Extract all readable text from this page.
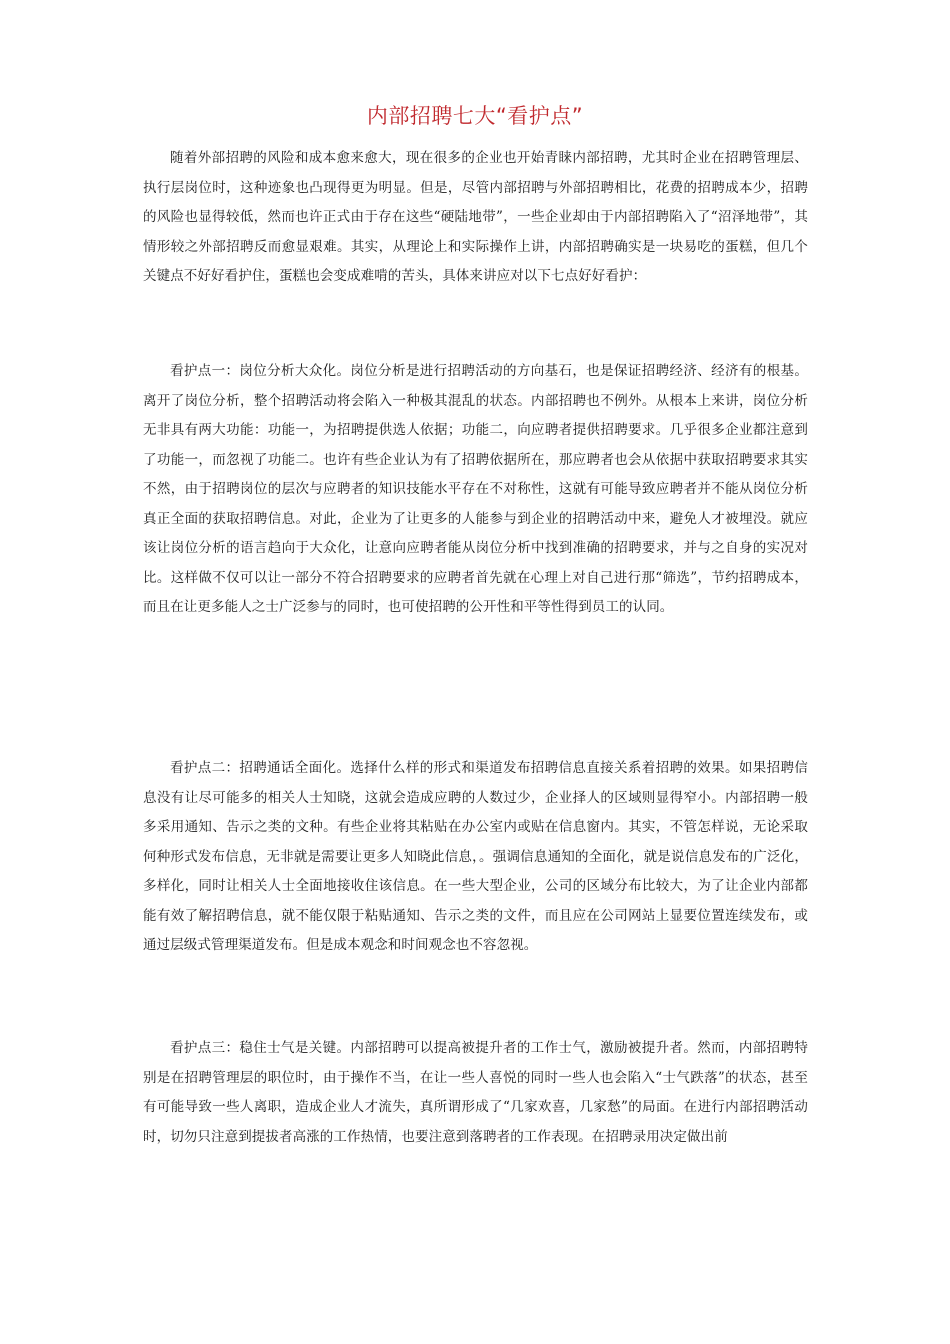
内部招聘七大“看护点”

随着外部招聘的风险和成本愈来愈大，现在很多的企业也开始青睐内部招聘，尤其时企业在招聘管理层、执行层岗位时，这种迹象也凸现得更为明显。但是，尽管内部招聘与外部招聘相比，花费的招聘成本少，招聘的风险也显得较低，然而也许正式由于存在这些“硬陆地带”，一些企业却由于内部招聘陷入了“沼泽地带”，其情形较之外部招聘反而愈显艰难。其实，从理论上和实际操作上讲，内部招聘确实是一块易吃的蛋糕，但几个关键点不好好看护住，蛋糕也会变成难啃的苦头，具体来讲应对以下七点好好看护：

看护点一：岗位分析大众化。岗位分析是进行招聘活动的方向基石，也是保证招聘经济、经济有的根基。离开了岗位分析，整个招聘活动将会陷入一种极其混乱的状态。内部招聘也不例外。从根本上来讲，岗位分析无非具有两大功能：功能一，为招聘提供选人依据；功能二，向应聘者提供招聘要求。几乎很多企业都注意到了功能一，而忽视了功能二。也许有些企业认为有了招聘依据所在，那应聘者也会从依据中获取招聘要求其实不然，由于招聘岗位的层次与应聘者的知识技能水平存在不对称性，这就有可能导致应聘者并不能从岗位分析真正全面的获取招聘信息。对此，企业为了让更多的人能参与到企业的招聘活动中来，避免人才被埋没。就应该让岗位分析的语言趋向于大众化，让意向应聘者能从岗位分析中找到准确的招聘要求，并与之自身的实况对比。这样做不仅可以让一部分不符合招聘要求的应聘者首先就在心理上对自己进行那“筛选”，节约招聘成本，而且在让更多能人之士广泛参与的同时，也可使招聘的公开性和平等性得到员工的认同。

看护点二：招聘通话全面化。选择什么样的形式和渠道发布招聘信息直接关系着招聘的效果。如果招聘信息没有让尽可能多的相关人士知晓，这就会造成应聘的人数过少，企业择人的区域则显得窄小。内部招聘一般多采用通知、告示之类的文种。有些企业将其粘贴在办公室内或贴在信息窗内。其实，不管怎样说，无论采取何种形式发布信息，无非就是需要让更多人知晓此信息，。强调信息通知的全面化，就是说信息发布的广泛化，多样化，同时让相关人士全面地接收住该信息。在一些大型企业，公司的区域分布比较大，为了让企业内部都能有效了解招聘信息，就不能仅限于粘贴通知、告示之类的文件，而且应在公司网站上显要位置连续发布，或通过层级式管理渠道发布。但是成本观念和时间观念也不容忽视。

看护点三：稳住士气是关键。内部招聘可以提高被提升者的工作士气，激励被提升者。然而，内部招聘特别是在招聘管理层的职位时，由于操作不当，在让一些人喜悦的同时一些人也会陷入“士气跌落”的状态，甚至有可能导致一些人离职，造成企业人才流失，真所谓形成了“几家欢喜，几家愁”的局面。在进行内部招聘活动时，切勿只注意到提拔者高涨的工作热情，也要注意到落聘者的工作表现。在招聘录用决定做出前
